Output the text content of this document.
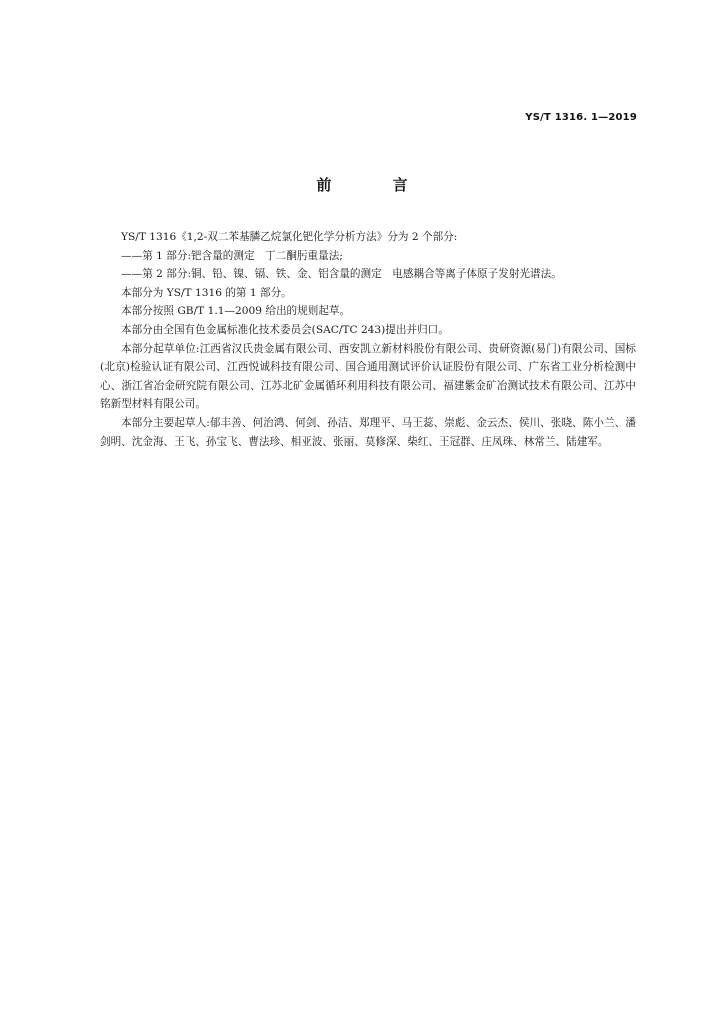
YS/T 1316. 1—2019
前 言

YS/T 1316《1,2-双二苯基膦乙烷氯化钯化学分析方法》分为 2 个部分:

——第 1 部分:钯含量的测定　丁二酮肟重量法;

——第 2 部分:铜、铅、镍、镉、铁、金、铝含量的测定　电感耦合等离子体原子发射光谱法。

本部分为 YS/T 1316 的第 1 部分。

本部分按照 GB/T 1.1—2009 给出的规则起草。

本部分由全国有色金属标准化技术委员会(SAC/TC 243)提出并归口。

本部分起草单位:江西省汉氏贵金属有限公司、西安凯立新材料股份有限公司、贵研资源(易门)有限公司、国标(北京)检验认证有限公司、江西悦诚科技有限公司、国合通用测试评价认证股份有限公司、广东省工业分析检测中心、浙江省冶金研究院有限公司、江苏北矿金属循环利用科技有限公司、福建紫金矿冶测试技术有限公司、江苏中铭新型材料有限公司。

本部分主要起草人:郁丰善、何治鸿、何剑、孙洁、郑理平、马王蕊、崇彪、金云杰、侯川、张晓、陈小兰、潘剑明、沈金海、王飞、孙宝飞、曹法珍、相亚波、张丽、莫修深、柴红、王冠群、庄凤珠、林常兰、陆建军。
